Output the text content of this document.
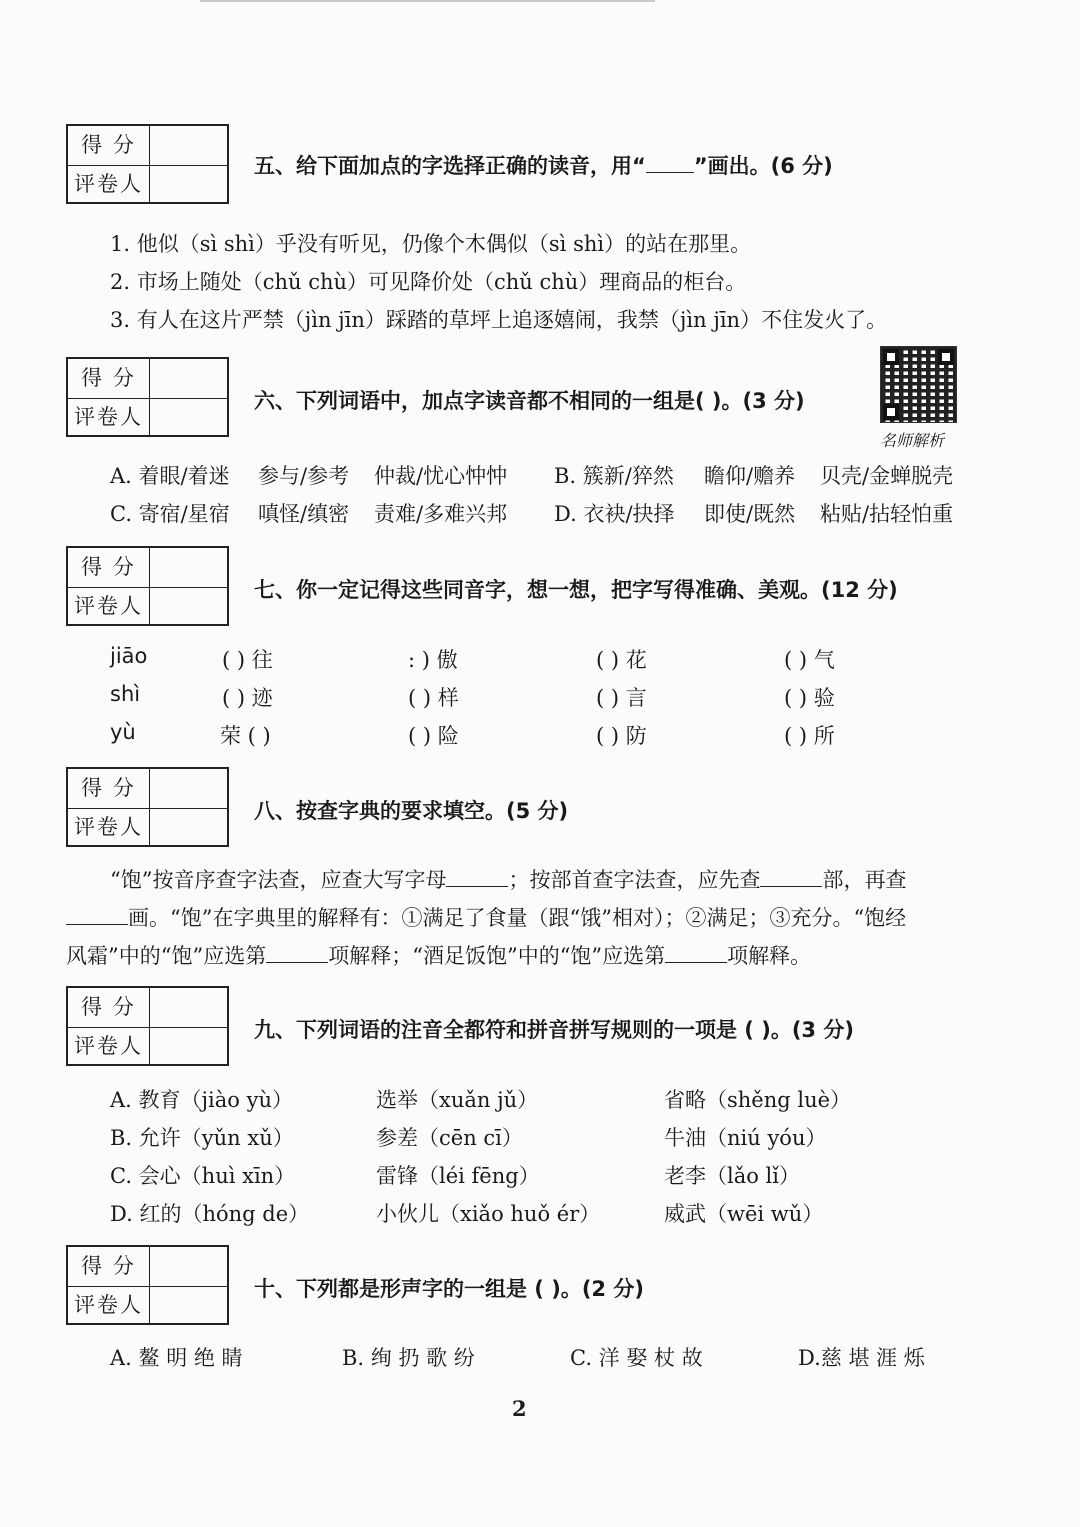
得 分
评卷人
五、给下面加点的字选择正确的读音，用“ ”画出。(6 分)
1. 他似（sì shì）乎没有听见，仍像个木偶似（sì shì）的站在那里。
2. 市场上随处（chǔ chù）可见降价处（chǔ chù）理商品的柜台。
3. 有人在这片严禁（jìn jīn）踩踏的草坪上追逐嬉闹，我禁（jìn jīn）不住发火了。
得 分
评卷人
六、下列词语中，加点字读音都不相同的一组是( )。(3 分)
名师解析
A. 着眼/着迷 参与/参考 仲裁/忧心忡忡 B. 簇新/猝然 瞻仰/赡养 贝壳/金蝉脱壳
C. 寄宿/星宿 嗔怪/缜密 责难/多难兴邦 D. 衣袂/抉择 即使/既然 粘贴/拈轻怕重
得 分
评卷人
七、你一定记得这些同音字，想一想，把字写得准确、美观。(12 分)
jiāo	( ) 往	: ) 傲	( ) 花	( ) 气
shì	( ) 迹	( ) 样	( ) 言	( ) 验
yù	荣 ( )	( ) 险	( ) 防	( ) 所
得 分
评卷人
八、按查字典的要求填空。(5 分)
“饱”按音序查字法查，应查大写字母	；按部首查字法查，应先查	部，再查
画。“饱”在字典里的解释有：①满足了食量（跟“饿”相对）；②满足；③充分。“饱经
风霜”中的“饱”应选第	项解释；“酒足饭饱”中的“饱”应选第	项解释。
得 分
评卷人
九、下列词语的注音全都符和拼音拼写规则的一项是 ( )。(3 分)
A. 教育（jiào yù）	选举（xuǎn jǔ）	省略（shěng luè）
B. 允许（yǔn xǔ）	参差（cēn cī）	牛油（niú yóu）
C. 会心（huì xīn）	雷锋（léi fēng）	老李（lǎo lǐ）
D. 红的（hóng de）	小伙儿（xiǎo huǒ ér）	威武（wēi wǔ）
得 分
评卷人
十、下列都是形声字的一组是 ( )。(2 分)
A. 鳌 明 绝 睛	B. 绚 扔 歌 纷	C. 洋 娶 杖 故	D.慈 堪 涯 烁
2
